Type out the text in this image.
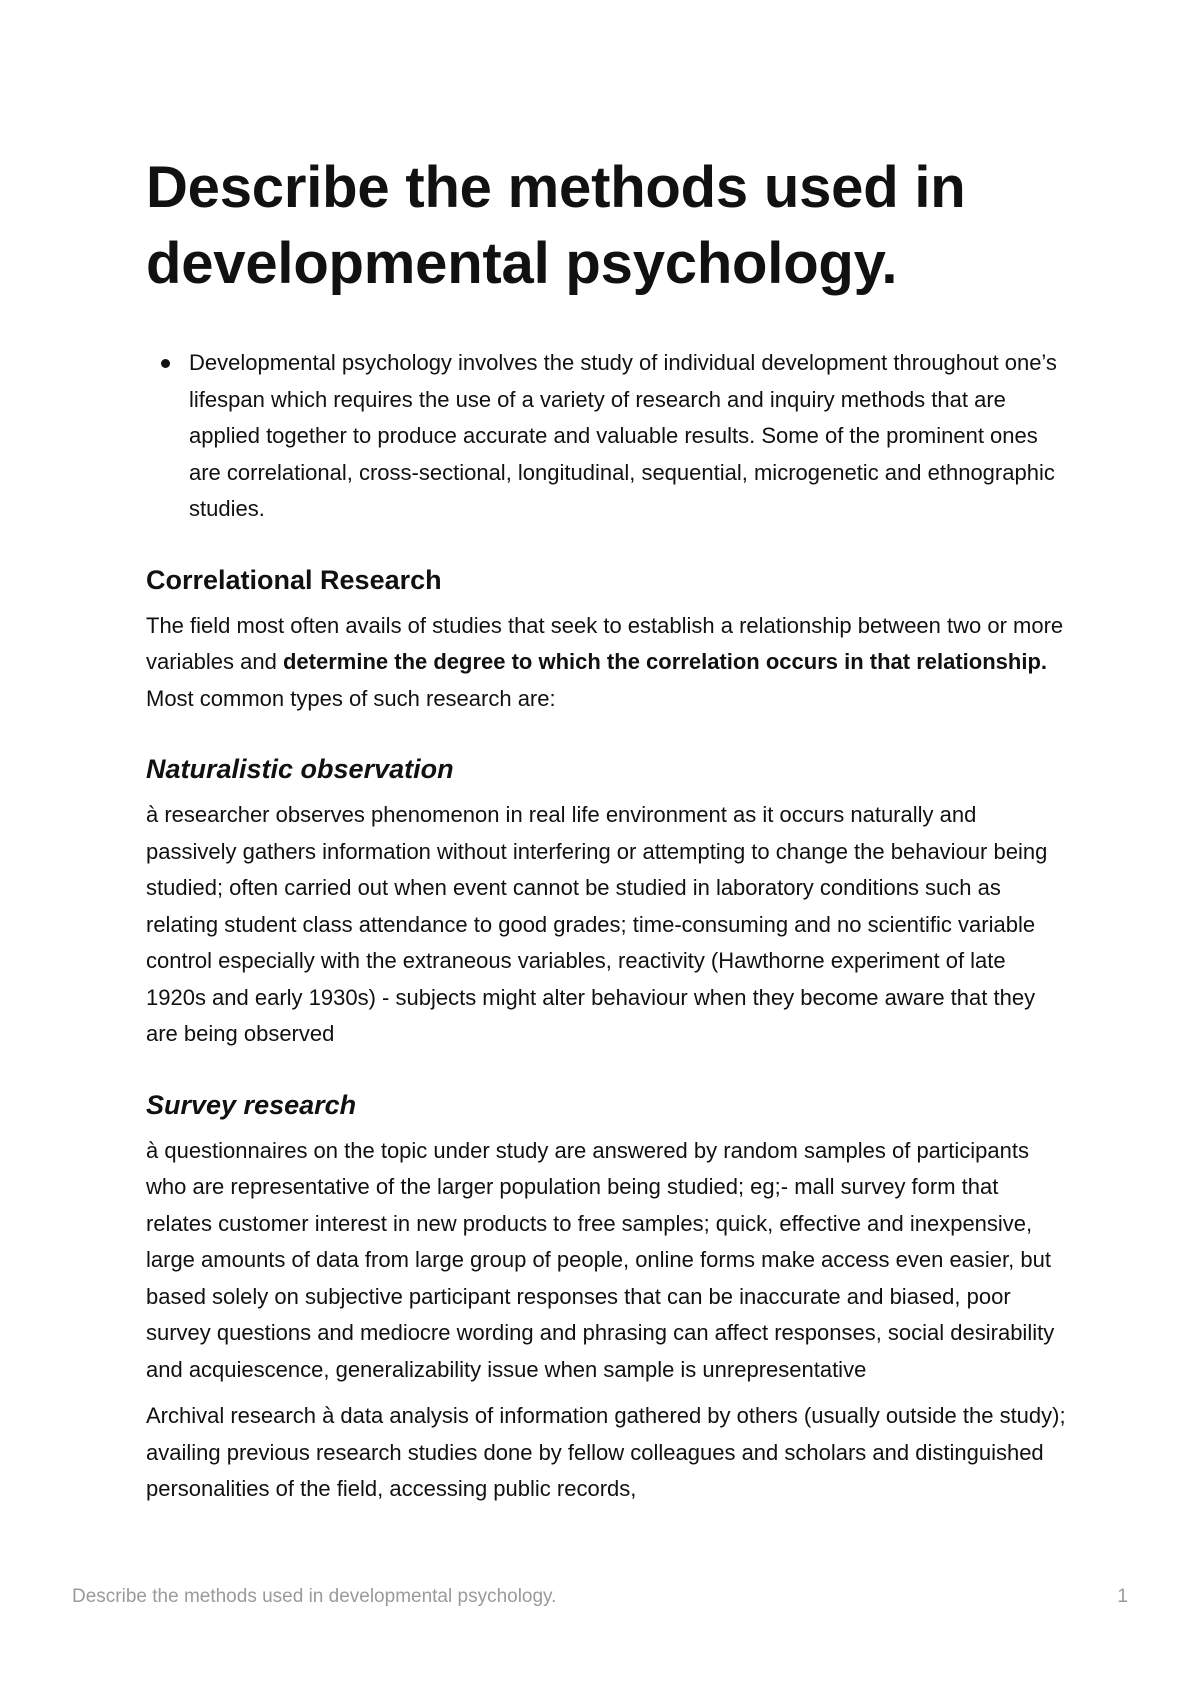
Describe the methods used in developmental psychology.
Developmental psychology involves the study of individual development throughout one’s lifespan which requires the use of a variety of research and inquiry methods that are applied together to produce accurate and valuable results. Some of the prominent ones are correlational, cross-sectional, longitudinal, sequential, microgenetic and ethnographic studies.
Correlational Research

The field most often avails of studies that seek to establish a relationship between two or more variables and determine the degree to which the correlation occurs in that relationship. Most common types of such research are:

Naturalistic observation

à researcher observes phenomenon in real life environment as it occurs naturally and passively gathers information without interfering or attempting to change the behaviour being studied; often carried out when event cannot be studied in laboratory conditions such as relating student class attendance to good grades; time-consuming and no scientific variable control especially with the extraneous variables, reactivity (Hawthorne experiment of late 1920s and early 1930s) - subjects might alter behaviour when they become aware that they are being observed

Survey research

à questionnaires on the topic under study are answered by random samples of participants who are representative of the larger population being studied; eg;- mall survey form that relates customer interest in new products to free samples; quick, effective and inexpensive, large amounts of data from large group of people, online forms make access even easier, but based solely on subjective participant responses that can be inaccurate and biased, poor survey questions and mediocre wording and phrasing can affect responses, social desirability and acquiescence, generalizability issue when sample is unrepresentative

Archival research à data analysis of information gathered by others (usually outside the study); availing previous research studies done by fellow colleagues and scholars and distinguished personalities of the field, accessing public records,

Describe the methods used in developmental psychology.	1
